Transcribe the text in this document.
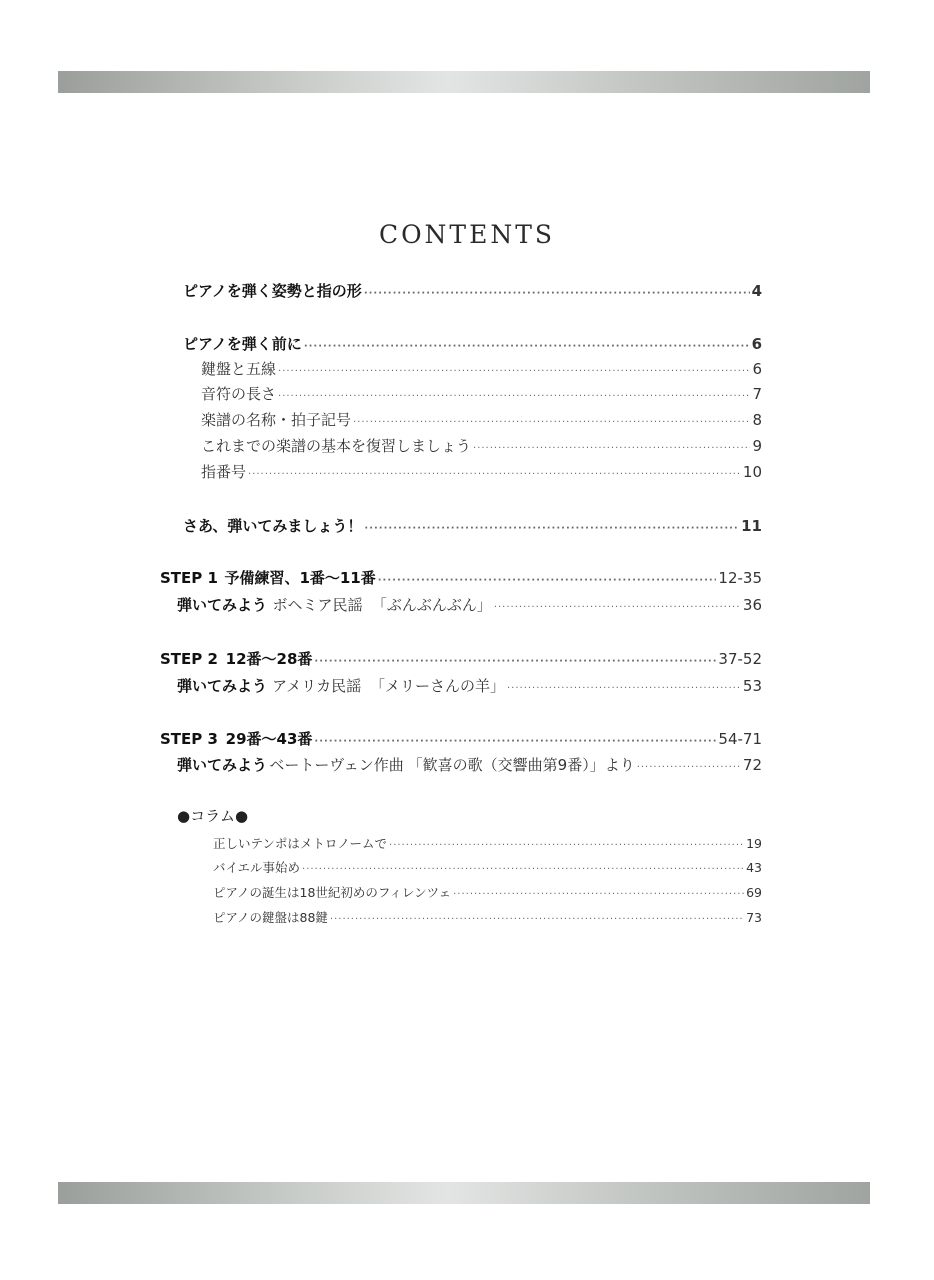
CONTENTS
ピアノを弾く姿勢と指の形 ·····	4
ピアノを弾く前に ·····	6
鍵盤と五線 ·····	6
音符の長さ ·····	7
楽譜の名称・拍子記号 ·····	8
これまでの楽譜の基本を復習しましょう ·····	9
指番号 ·····	10
さあ、弾いてみましょう！ ·····	11
STEP 1 予備練習、1番〜11番 ·····	12-35
弾いてみよう ボヘミア民謡 「ぶんぶんぶん」 ·····	36
STEP 2 12番〜28番 ·····	37-52
弾いてみよう アメリカ民謡 「メリーさんの羊」 ·····	53
STEP 3 29番〜43番 ·····	54-71
弾いてみよう ベートーヴェン作曲 「歓喜の歌（交響曲第9番）」より ·····	72
●コラム●
正しいテンポはメトロノームで ·····	19
バイエル事始め ·····	43
ピアノの誕生は18世紀初めのフィレンツェ ·····	69
ピアノの鍵盤は88鍵 ·····	73
